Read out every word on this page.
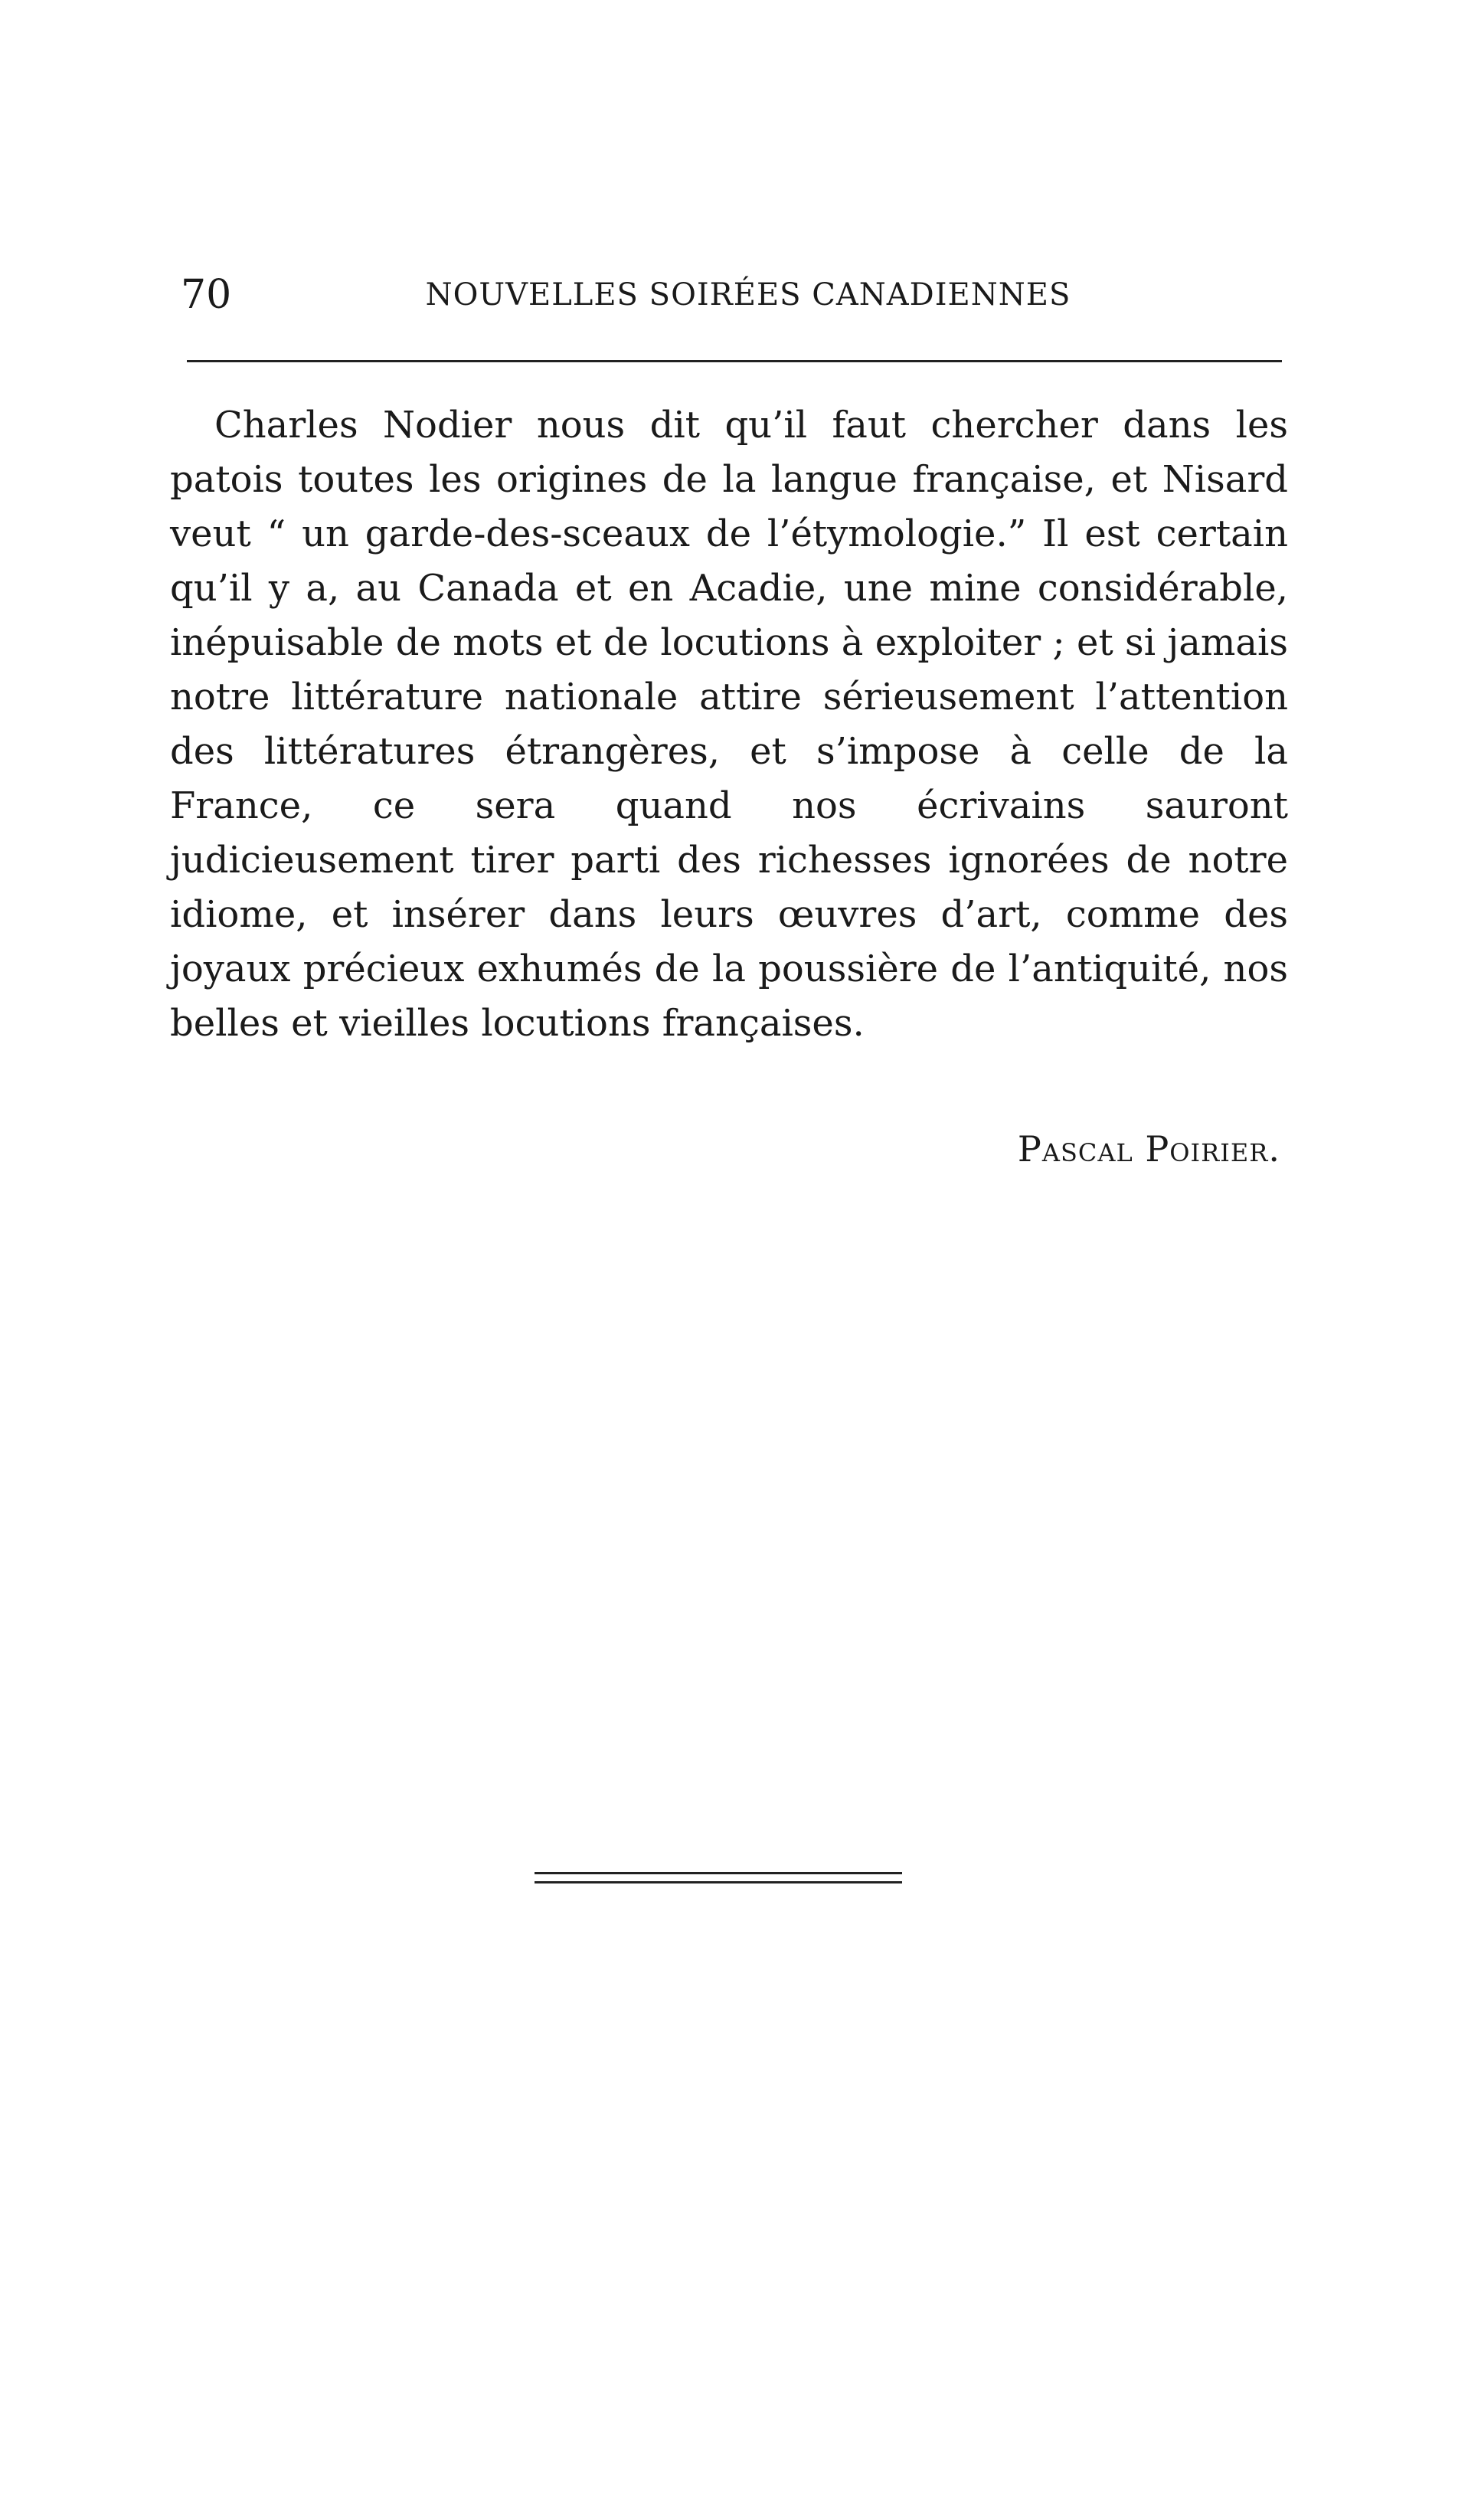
70	NOUVELLES SOIRÉES CANADIENNES

Charles Nodier nous dit qu’il faut chercher dans les patois toutes les origines de la langue française, et Nisard veut “ un garde-des-sceaux de l’étymologie.” Il est certain qu’il y a, au Canada et en Acadie, une mine considérable, inépuisable de mots et de locutions à exploiter ; et si jamais notre littérature nationale attire sérieusement l’attention des littératures étrangères, et s’impose à celle de la France, ce sera quand nos écrivains sauront judicieusement tirer parti des richesses ignorées de notre idiome, et insérer dans leurs œuvres d’art, comme des joyaux précieux exhumés de la poussière de l’antiquité, nos belles et vieilles locutions françaises.

Pascal Poirier.
